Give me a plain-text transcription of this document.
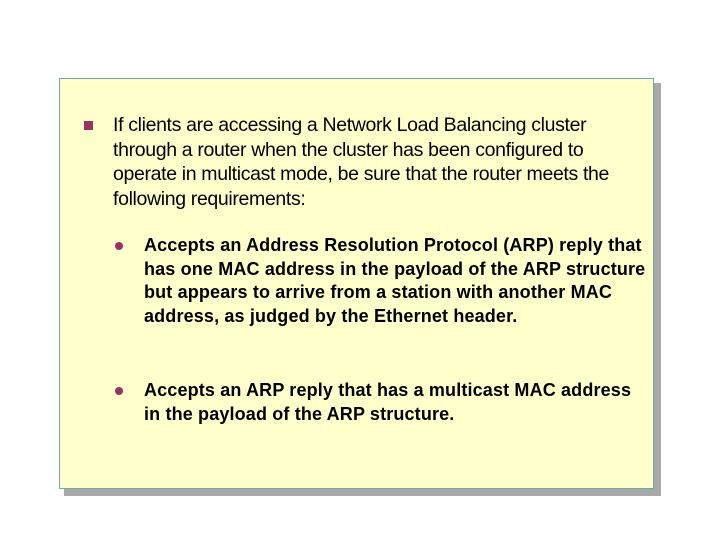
If clients are accessing a Network Load Balancing cluster through a router when the cluster has been configured to operate in multicast mode, be sure that the router meets the following requirements:
Accepts an Address Resolution Protocol (ARP) reply that has one MAC address in the payload of the ARP structure but appears to arrive from a station with another MAC address, as judged by the Ethernet header.
Accepts an ARP reply that has a multicast MAC address in the payload of the ARP structure.
